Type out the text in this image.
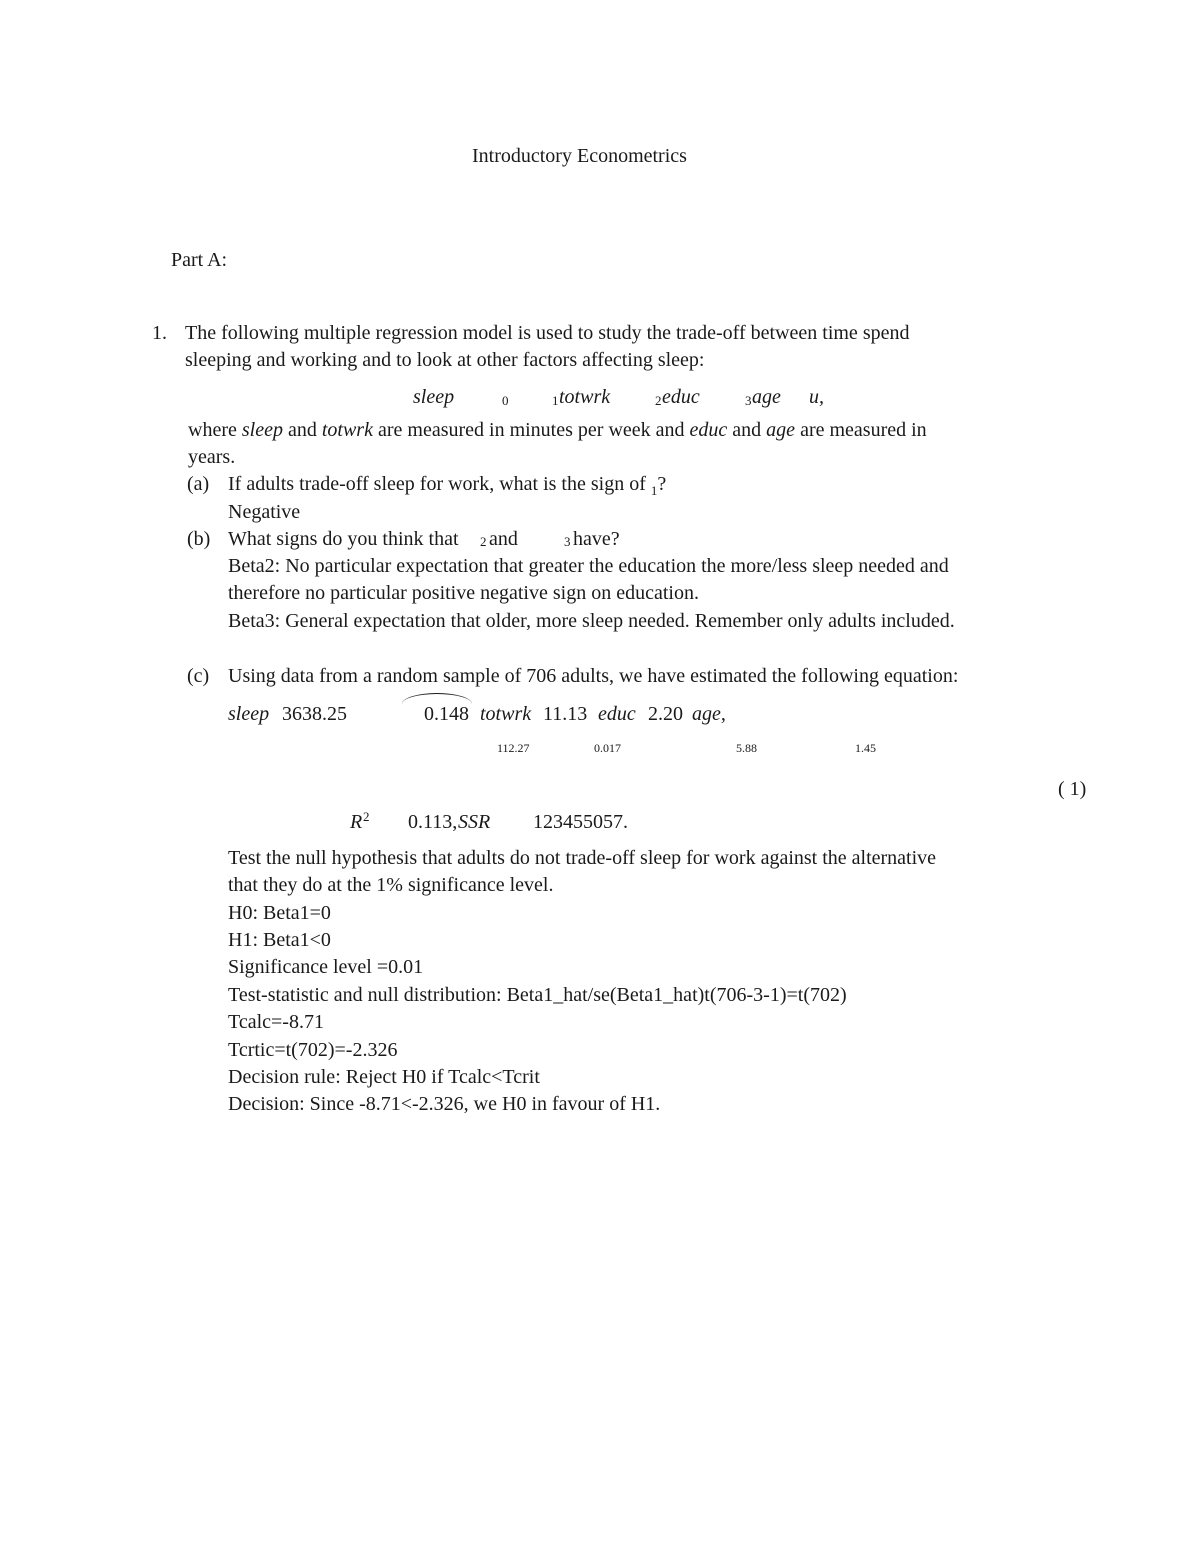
Introductory Econometrics
Part A:
1. The following multiple regression model is used to study the trade-off between time spend
sleeping and working and to look at other factors affecting sleep:
sleep	0	1 totwrk	2 educ	3 age u,
where sleep and totwrk are measured in minutes per week and educ and age are measured in
years.
(a) If adults trade-off sleep for work, what is the sign of $_1$?
Negative
(b) What signs do you think that 2 and	3 have?
Beta2: No particular expectation that greater the education the more/less sleep needed and
therefore no particular positive negative sign on education.
Beta3: General expectation that older, more sleep needed. Remember only adults included.
(c) Using data from a random sample of 706 adults, we have estimated the following equation:
sleep 3638.25	0.148 totwrk 11.13 educ 2.20 age,
112.27	0.017	5.88	1.45
( 1)
R 2 0.113, SSR 123455057.
Test the null hypothesis that adults do not trade-off sleep for work against the alternative
that they do at the 1% significance level.
H0: Beta1=0
H1: Beta1<0
Significance level =0.01
Test-statistic and null distribution: Beta1_hat/se(Beta1_hat)t(706-3-1)=t(702)
Tcalc=-8.71
Tcrtic=t(702)=-2.326
Decision rule: Reject H0 if Tcalc<Tcrit
Decision: Since -8.71<-2.326, we H0 in favour of H1.
